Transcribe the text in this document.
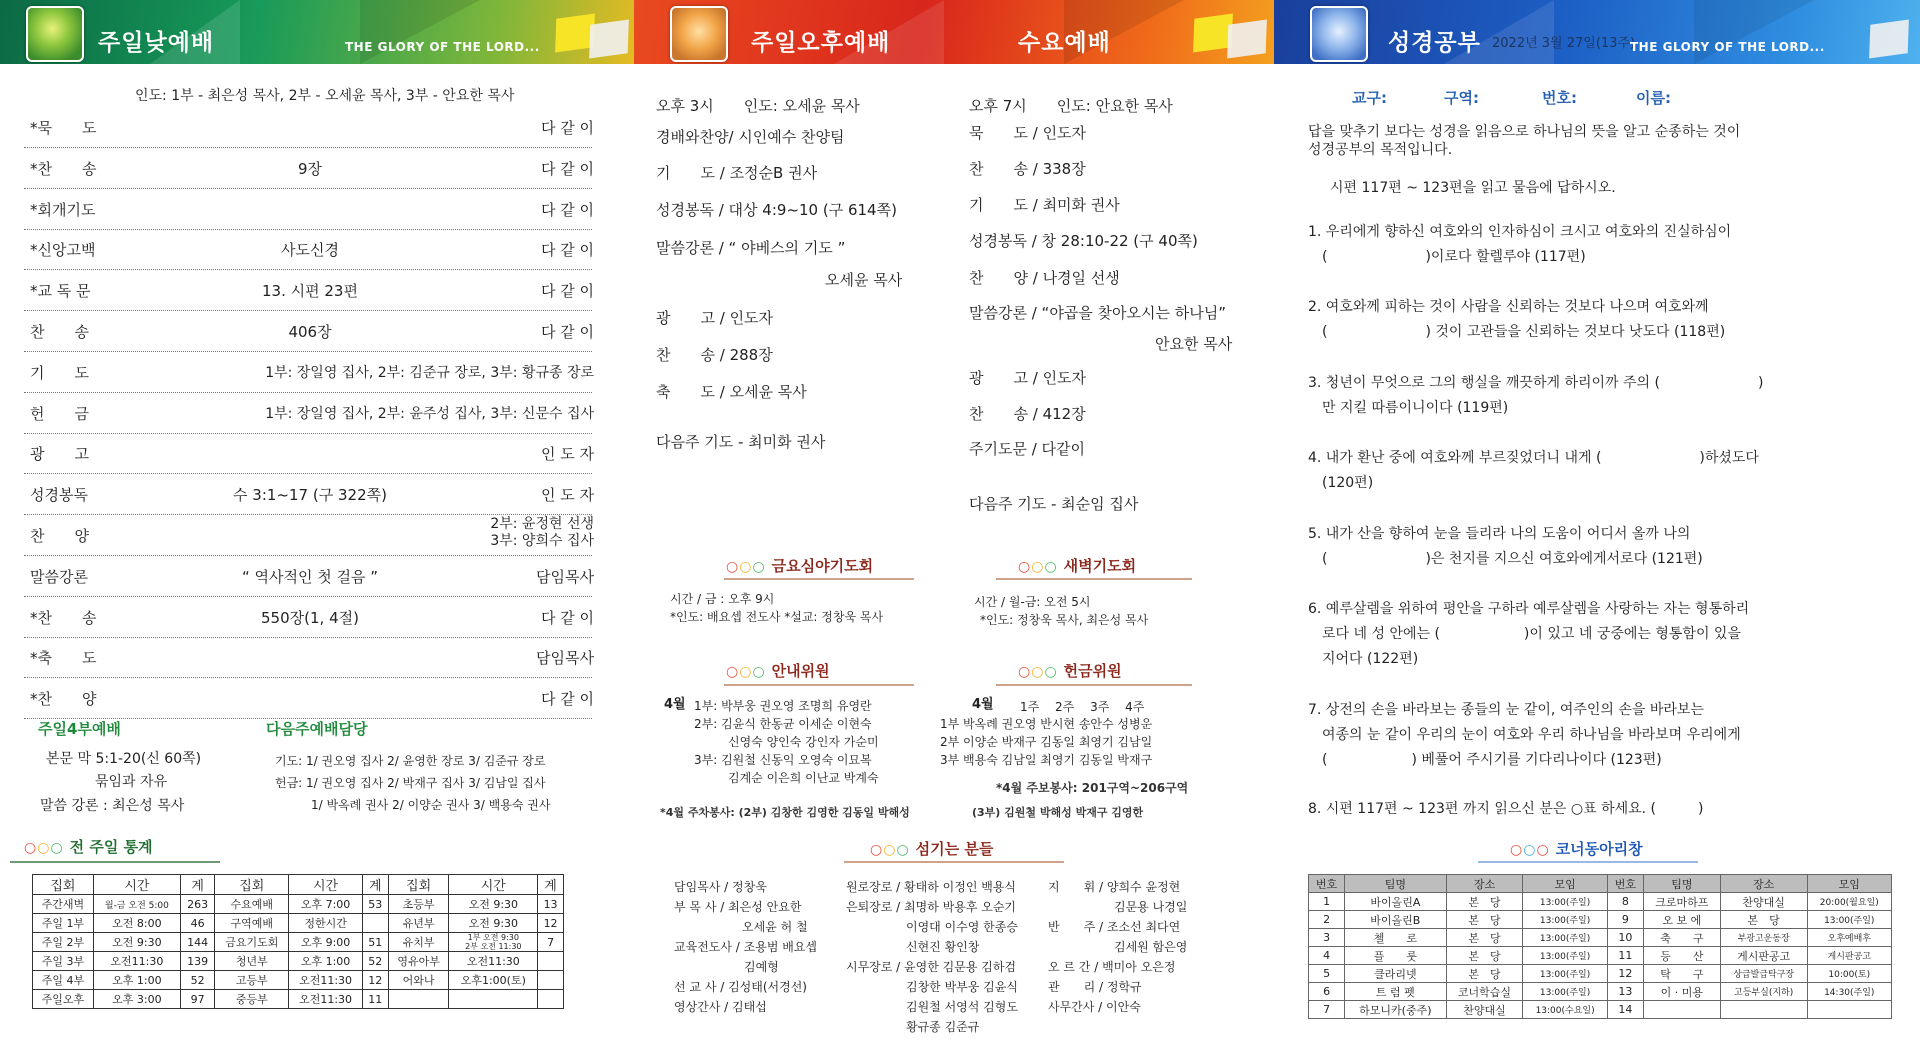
주일낮예배	THE GLORY OF THE LORD...
인도: 1부 - 최은성 목사, 2부 - 오세윤 목사, 3부 - 안요한 목사
*묵　　도	다 같 이
*찬　　송	9장	다 같 이
*회개기도	다 같 이
*신앙고백	사도신경	다 같 이
*교 독 문	13. 시편 23편	다 같 이
찬　　송	406장	다 같 이
기　　도	1부: 장일영 집사, 2부: 김준규 장로, 3부: 황규종 장로
헌　　금	1부: 장일영 집사, 2부: 윤주성 집사, 3부: 신문수 집사
광　　고	인 도 자
성경봉독	수 3:1~17 (구 322쪽)	인 도 자
찬　　양
2부: 윤정현 선생
3부: 양희수 집사
말씀강론	“ 역사적인 첫 걸음 ”	담임목사
*찬　　송	550장(1, 4절)	다 같 이
*축　　도	담임목사
*찬　　양	다 같 이
주일4부예배
본문 막 5:1-20(신 60쪽)
묶임과 자유
말씀 강론 : 최은성 목사
다음주예배담당
기도: 1/ 권오영 집사 2/ 윤영한 장로 3/ 김준규 장로
헌금: 1/ 권오영 집사 2/ 박재구 집사 3/ 김남일 집사
1/ 박옥례 권사 2/ 이양순 권사 3/ 백용숙 권사
○○○ 전 주일 통계
집회	시간	계	집회	시간	계	집회	시간	계
주간새벽	월-금 오전 5:00	263	수요예배	오후 7:00	53	초등부	오전 9:30	13
주일 1부	오전 8:00	46	구역예배	정한시간		유년부	오전 9:30	12
주일 2부	오전 9:30	144	금요기도회	오후 9:00	51	유치부	1부 오전 9:30
2부 오전 11:30	7
주일 3부	오전11:30	139	청년부	오후 1:00	52	영유아부	오전11:30	
주일 4부	오후 1:00	52	고등부	오전11:30	12	어와나	오후1:00(토)	
주일오후	오후 3:00	97	중등부	오전11:30	11			
주일오후예배	수요예배
오후 3시　　인도: 오세윤 목사
경배와찬양/ 시인예수 찬양팀
기　　도 / 조정순B 권사
성경봉독 / 대상 4:9~10 (구 614쪽)
말씀강론 / “ 야베스의 기도 ”
오세윤 목사
광　　고 / 인도자
찬　　송 / 288장
축　　도 / 오세윤 목사
다음주 기도 - 최미화 권사
오후 7시　　인도: 안요한 목사
묵　　도 / 인도자
찬　　송 / 338장
기　　도 / 최미화 권사
성경봉독 / 창 28:10-22 (구 40쪽)
찬　　양 / 나경일 선생
말씀강론 / “야곱을 찾아오시는 하나님”
안요한 목사
광　　고 / 인도자
찬　　송 / 412장
주기도문 / 다같이
다음주 기도 - 최순임 집사
○○○ 금요심야기도회
시간 / 금 : 오후 9시
*인도: 배요셉 전도사 *설교: 정창욱 목사
○○○ 새벽기도회
시간 / 월-금: 오전 5시
*인도: 정창욱 목사, 최은성 목사
○○○ 안내위원
4월 1부: 박부웅 권오영 조명희 유영란
2부: 김윤식 한동균 이세순 이현숙
신영숙 양인숙 강인자 가순미
3부: 김원철 신동익 오영숙 이묘복
김계순 이은희 이난교 박계숙
*4월 주차봉사: (2부) 김창한 김영한 김동일 박해성
○○○ 헌금위원
4월 1주　 2주　 3주　 4주
1부 박옥례 권오영 반시현 송안수 성병운
2부 이양순 박재구 김동일 최영기 김남일
3부 백용숙 김남일 최영기 김동일 박재구
*4월 주보봉사: 201구역~206구역
(3부) 김원철 박해성 박재구 김영한
○○○ 섬기는 분들
담임목사 / 정창욱
부 목 사 / 최은성 안요한
오세윤 허 철
교육전도사 / 조용범 배요셉
김예형
선 교 사 / 김성태(서경선)
영상간사 / 김태섭
원로장로 / 황태하 이정인 백용식
은퇴장로 / 최명하 박용후 오순기
이영대 이수영 한종승
신현진 황인창
시무장로 / 윤영한 김문용 김하검
김창한 박부웅 김윤식
김원철 서영석 김형도
황규종 김준규
지　　휘 / 양희수 윤정현
김문용 나경일
반　　주 / 조소선 최다연
김세원 함은영
오 르 간 / 백미아 오은정
관　　리 / 정학규
사무간사 / 이안숙
성경공부 2022년 3월 27일(13주)
THE GLORY OF THE LORD...
교구:	구역:	번호:	이름:
답을 맞추기 보다는 성경을 읽음으로 하나님의 뜻을 알고 순종하는 것이
성경공부의 목적입니다.
시편 117편 ~ 123편을 읽고 물음에 답하시오.
1. 우리에게 향하신 여호와의 인자하심이 크시고 여호와의 진실하심이
(　　　　　　　)이로다 할렐루야 (117편)
2. 여호와께 피하는 것이 사람을 신뢰하는 것보다 나으며 여호와께
(　　　　　　　) 것이 고관들을 신뢰하는 것보다 낫도다 (118편)
3. 청년이 무엇으로 그의 행실을 깨끗하게 하리이까 주의 (　　　　　　　)
만 지킬 따름이니이다 (119편)
4. 내가 환난 중에 여호와께 부르짖었더니 내게 (　　　　　　　)하셨도다
(120편)
5. 내가 산을 향하여 눈을 들리라 나의 도움이 어디서 올까 나의
(　　　　　　　)은 천지를 지으신 여호와에게서로다 (121편)
6. 예루살렘을 위하여 평안을 구하라 예루살렘을 사랑하는 자는 형통하리
로다 네 성 안에는 (　　　　　　)이 있고 네 궁중에는 형통함이 있을
지어다 (122편)
7. 상전의 손을 바라보는 종들의 눈 같이, 여주인의 손을 바라보는
여종의 눈 같이 우리의 눈이 여호와 우리 하나님을 바라보며 우리에게
(　　　　　　) 베풀어 주시기를 기다리나이다 (123편)
8. 시편 117편 ~ 123편 까지 읽으신 분은 ○표 하세요. (　　　)
○○○ 코너동아리창
번호	팀명	장소	모임	번호	팀명	장소	모임
1	바이올린A	본　당	13:00(주일)	8	크로마하프	찬양대실	20:00(월요일)
2	바이올린B	본　당	13:00(주일)	9	오 보 에	본　당	13:00(주일)
3	첼　　로	본　당	13:00(주일)	10	축　　구	부광고운동장	오후예배후
4	플　　룻	본　당	13:00(주일)	11	등　　산	게시판공고	게시판공고
5	클라리넷	본　당	13:00(주일)	12	탁　　구	상급발급탁구장	10:00(토)
6	트 럼 펫	코너학습실	13:00(주일)	13	이 · 미용	고등부실(지하)	14:30(주일)
7	하모니카(중주)	찬양대실	13:00(수요일)	14			
